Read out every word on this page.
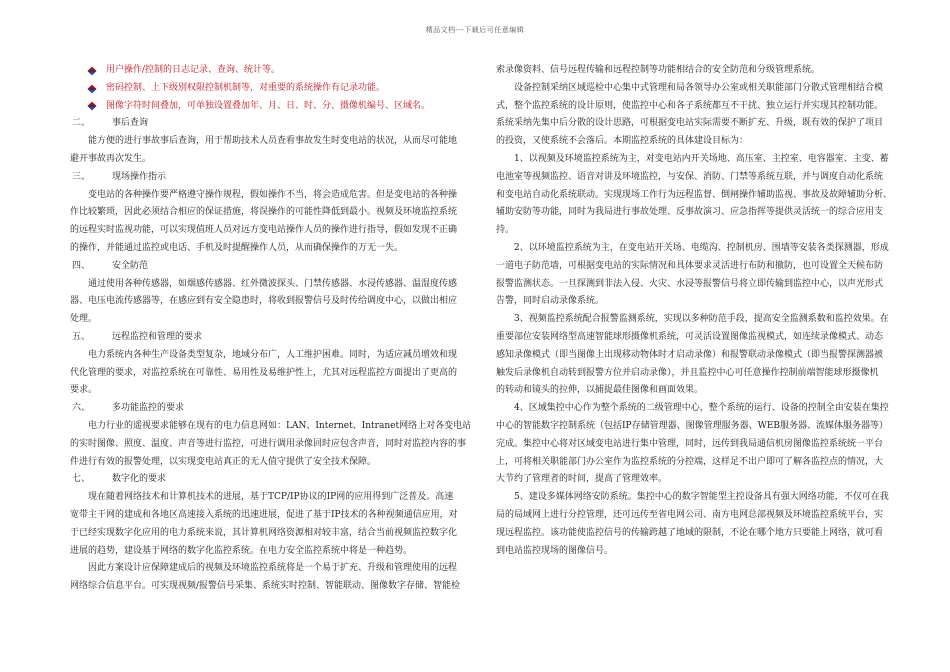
精品文档---下载后可任意编辑
用户操作/控制的日志记录、查询、统计等。
密码控制、上下级别权限控制机制等，对重要的系统操作有记录功能。
图像字符时间叠加，可单独设置叠加年、月、日、时、分、摄像机编号、区域名。
二、	事后查询

能方便的进行事故事后查询，用于帮助技术人员查看事故发生时变电站的状况，从而尽可能地
避开事故再次发生。

三、	现场操作指示

变电站的各种操作要严格遵守操作规程，假如操作不当，将会造成危害。但是变电站的各种操
作比较繁琐，因此必须结合相应的保证措施，将误操作的可能性降低到最小。视频及环境监控系统
的远程实时监视功能，可以实现值班人员对远方变电站操作人员的操作进行指导，假如发现不正确
的操作，并能通过监控或电话、手机及时提醒操作人员，从而确保操作的万无一失。

四、	安全防范

通过使用各种传感器，如烟感传感器、红外微波探头、门禁传感器、水浸传感器、温湿度传感
器、电压电流传感器等，在感应到有安全隐患时，将收到报警信号及时传给调度中心，以做出相应
处理。

五、	远程监控和管理的要求

电力系统内各种生产设备类型复杂，地域分布广，人工维护困难。同时，为适应减员增效和现
代化管理的要求，对监控系统在可靠性、易用性及易维护性上，尤其对远程监控方面提出了更高的
要求。

六、	多功能监控的要求

电力行业的遥视要求能够在现有的电力信息网如：LAN、Internet、Intranet网络上对各变电站
的实时图像、照度、温度、声音等进行监控，可进行调用录像回时应包含声音，同时对监控内容的事
件进行有效的报警处理，以实现变电站真正的无人值守提供了安全技术保障。

七、	数字化的要求

现在随着网络技术和计算机技术的进展，基于TCP/IP协议的IP网的应用得到广泛普及。高速
宽带主干网的建成和各地区高速接入系统的迅速进展，促进了基于IP技术的各种视频通信应用，对
于已经实现数字化应用的电力系统来说，其计算机网络资源相对较丰富，结合当前视频监控数字化
进展的趋势，建设基于网络的数字化监控系统。在电力安全监控系统中将是一种趋势。

因此方案设计应保障建成后的视频及环境监控系统将是一个易于扩充、升级和管理使用的远程
网络综合信息平台。可实现视频/报警信号采集、系统实时控制、智能联动、图像数字存储、智能检

索录像资料、信号远程传输和远程控制等功能相结合的安全防范和分级管理系统。

设备控制采纳区域巡检中心集中式管理和局各领导办公室或相关职能部门分散式管理相结合模
式，整个监控系统的设计原则，使监控中心和各子系统都互不干扰、独立运行并实现其控制功能。
系统采纳先集中后分散的设计思路，可根据变电站实际需要不断扩充、升级，既有效的保护了项目
的投资，又使系统不会落后。本期监控系统的具体建设目标为：

1、以视频及环境监控系统为主，对变电站内开关场地、高压室、主控室、电容器室、主变、蓄
电池室等视频监控、语音对讲及环境监控，与安保、消防、门禁等系统互联，并与调度自动化系统
和变电站自动化系统联动。实现现场工作行为远程监督、倒闸操作辅助监视、事故及故障辅助分析、
辅助安防等功能，同时为我局进行事故处理、反事故演习、应急指挥等提供灵活统一的综合应用支
持。

2、以环境监控系统为主，在变电站开关场、电缆沟、控制机房、围墙等安装各类探测器，形成
一道电子防范墙，可根据变电站的实际情况和具体要求灵活进行布防和撤防，也可设置全天候布防
报警监测状态。一旦探测到非法入侵、火灾、水浸等报警信号将立即传输到监控中心，以声光形式
告警，同时启动录像系统。

3、视频监控系统配合报警监测系统，实现以多种防范手段，提高安全监测系数和监控效果。在
重要部位安装网络型高速智能球形摄像机系统，可灵活设置图像监视模式，如连续录像模式、动态
感知录像模式（即当图像上出现移动物体时才启动录像）和报警联动录像模式（即当报警探测器被
触发后录像机自动转到报警方位并启动录像），并且监控中心可任意操作控制前端智能球形摄像机
的转动和镜头的拉伸，以捕捉最佳图像和画面效果。

4、区域集控中心作为整个系统的二级管理中心，整个系统的运行、设备的控制全由安装在集控
中心的智能数字控制系统（包括IP存储管理器、图像管理服务器、WEB服务器、流媒体服务器等）
完成。集控中心将对区域变电站进行集中管理，同时，远传到我局通信机房图像监控系统统一平台
上，可将相关职能部门办公室作为监控系统的分控端，这样足不出户即可了解各监控点的情况，大
大节约了管理者的时间，提高了管理效率。

5、建设多媒体网络安防系统。集控中心的数字智能型主控设备具有强大网络功能，不仅可在我
局的局域网上进行分控管理，还可远传至省电网公司、南方电网总部视频及环境监控系统平台，实
现远程监控。该功能使监控信号的传输跨越了地域的限制，不论在哪个地方只要能上网络，就可看
到电站监控现场的图像信号。
